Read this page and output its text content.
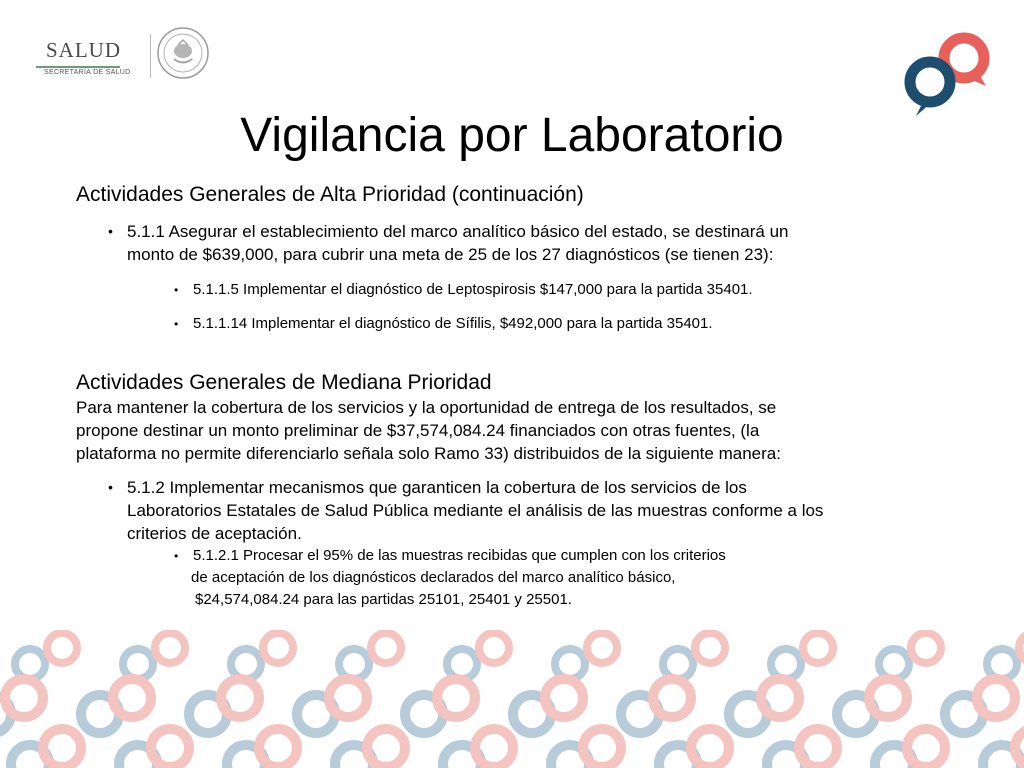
SALUD
SECRETARÍA DE SALUD
Vigilancia por Laboratorio

Actividades Generales de Alta Prioridad (continuación)

• 5.1.1 Asegurar el establecimiento del marco analítico básico del estado, se destinará un
monto de $639,000, para cubrir una meta de 25 de los 27 diagnósticos (se tienen 23):
• 5.1.1.5 Implementar el diagnóstico de Leptospirosis $147,000 para la partida 35401.
• 5.1.1.14 Implementar el diagnóstico de Sífilis, $492,000 para la partida 35401.

Actividades Generales de Mediana Prioridad

Para mantener la cobertura de los servicios y la oportunidad de entrega de los resultados, se
propone destinar un monto preliminar de $37,574,084.24 financiados con otras fuentes, (la
plataforma no permite diferenciarlo señala solo Ramo 33) distribuidos de la siguiente manera:

• 5.1.2 Implementar mecanismos que garanticen la cobertura de los servicios de los
Laboratorios Estatales de Salud Pública mediante el análisis de las muestras conforme a los
criterios de aceptación.
• 5.1.2.1 Procesar el 95% de las muestras recibidas que cumplen con los criterios
de aceptación de los diagnósticos declarados del marco analítico básico,
$24,574,084.24 para las partidas 25101, 25401 y 25501.
